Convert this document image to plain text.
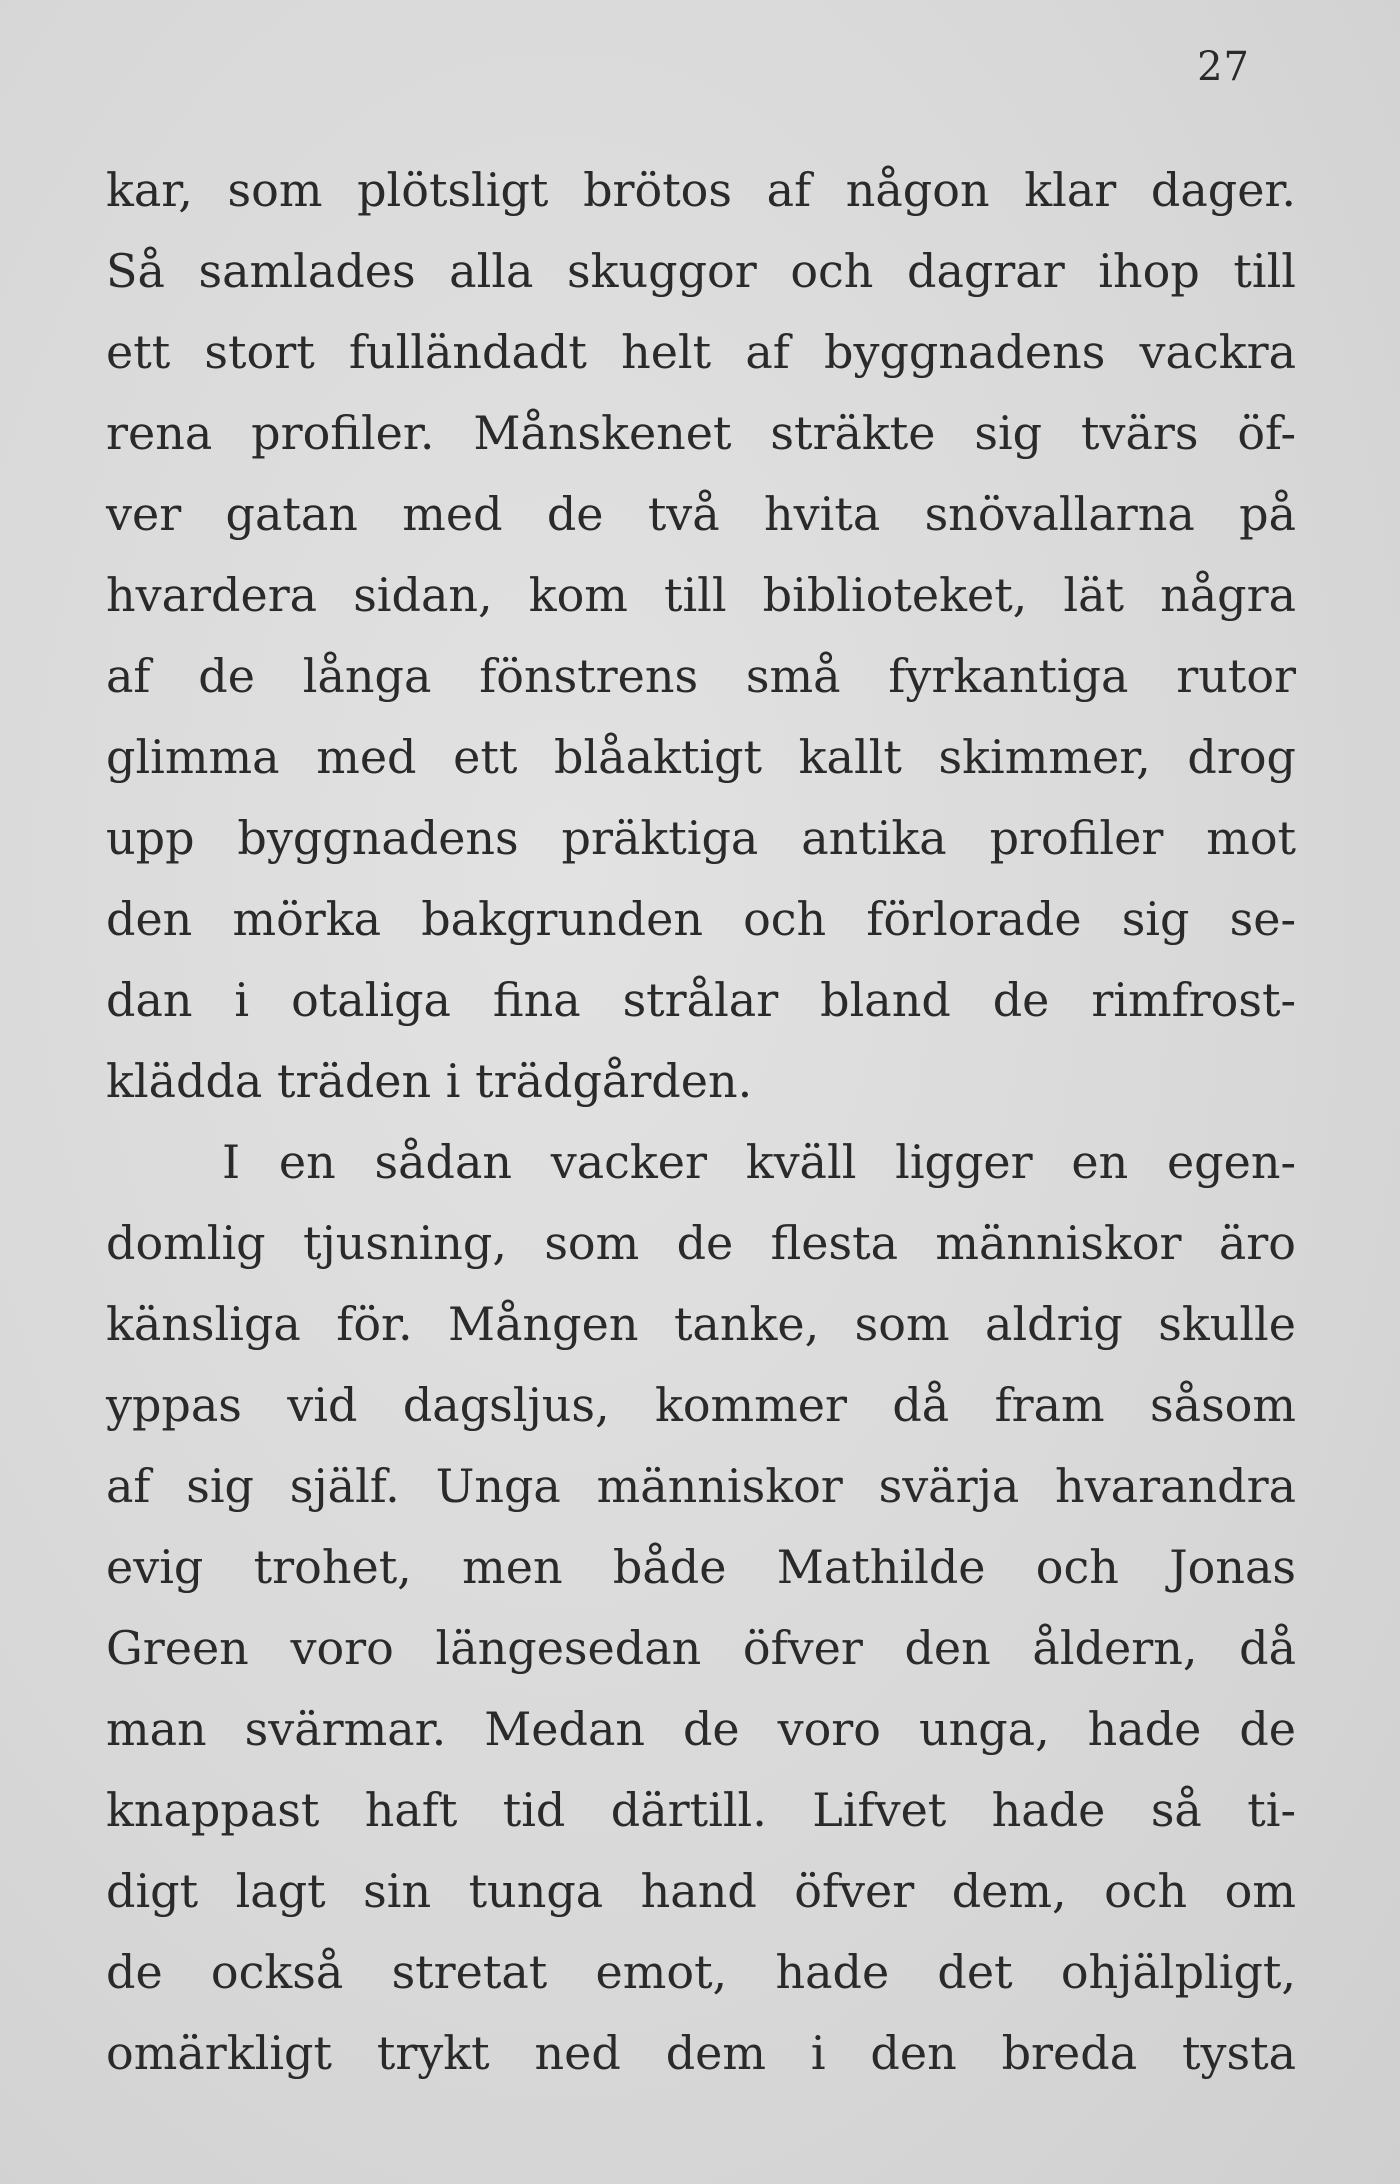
27
kar, som plötsligt brötos af någon klar dager.
Så samlades alla skuggor och dagrar ihop till
ett stort fulländadt helt af byggnadens vackra
rena profiler. Månskenet sträkte sig tvärs öf-
ver gatan med de två hvita snövallarna på
hvardera sidan, kom till biblioteket, lät några
af de långa fönstrens små fyrkantiga rutor
glimma med ett blåaktigt kallt skimmer, drog
upp byggnadens präktiga antika profiler mot
den mörka bakgrunden och förlorade sig se-
dan i otaliga fina strålar bland de rimfrost-
klädda träden i trädgården.
I en sådan vacker kväll ligger en egen-
domlig tjusning, som de flesta människor äro
känsliga för. Mången tanke, som aldrig skulle
yppas vid dagsljus, kommer då fram såsom
af sig själf. Unga människor svärja hvarandra
evig trohet, men både Mathilde och Jonas
Green voro längesedan öfver den åldern, då
man svärmar. Medan de voro unga, hade de
knappast haft tid därtill. Lifvet hade så ti-
digt lagt sin tunga hand öfver dem, och om
de också stretat emot, hade det ohjälpligt,
omärkligt trykt ned dem i den breda tysta
